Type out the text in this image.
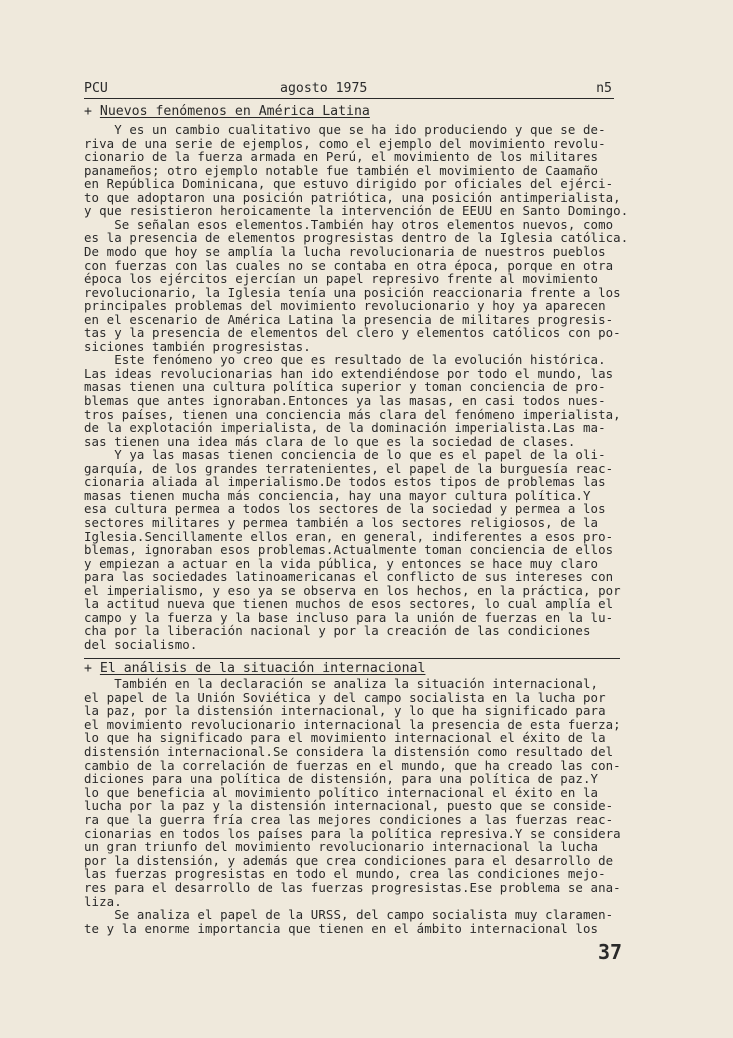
PCU	agosto 1975	n5
+ Nuevos fenómenos en América Latina
Y es un cambio cualitativo que se ha ido produciendo y que se de-
riva de una serie de ejemplos, como el ejemplo del movimiento revolu-
cionario de la fuerza armada en Perú, el movimiento de los militares
panameños; otro ejemplo notable fue también el movimiento de Caamaño
en República Dominicana, que estuvo dirigido por oficiales del ejérci-
to que adoptaron una posición patriótica, una posición antimperialista,
y que resistieron heroicamente la intervención de EEUU en Santo Domingo.
Se señalan esos elementos.También hay otros elementos nuevos, como
es la presencia de elementos progresistas dentro de la Iglesia católica.
De modo que hoy se amplía la lucha revolucionaria de nuestros pueblos
con fuerzas con las cuales no se contaba en otra época, porque en otra
época los ejércitos ejercían un papel represivo frente al movimiento
revolucionario, la Iglesia tenía una posición reaccionaria frente a los
principales problemas del movimiento revolucionario y hoy ya aparecen
en el escenario de América Latina la presencia de militares progresis-
tas y la presencia de elementos del clero y elementos católicos con po-
siciones también progresistas.
Este fenómeno yo creo que es resultado de la evolución histórica.
Las ideas revolucionarias han ido extendiéndose por todo el mundo, las
masas tienen una cultura política superior y toman conciencia de pro-
blemas que antes ignoraban.Entonces ya las masas, en casi todos nues-
tros países, tienen una conciencia más clara del fenómeno imperialista,
de la explotación imperialista, de la dominación imperialista.Las ma-
sas tienen una idea más clara de lo que es la sociedad de clases.
Y ya las masas tienen conciencia de lo que es el papel de la oli-
garquía, de los grandes terratenientes, el papel de la burguesía reac-
cionaria aliada al imperialismo.De todos estos tipos de problemas las
masas tienen mucha más conciencia, hay una mayor cultura política.Y
esa cultura permea a todos los sectores de la sociedad y permea a los
sectores militares y permea también a los sectores religiosos, de la
Iglesia.Sencillamente ellos eran, en general, indiferentes a esos pro-
blemas, ignoraban esos problemas.Actualmente toman conciencia de ellos
y empiezan a actuar en la vida pública, y entonces se hace muy claro
para las sociedades latinoamericanas el conflicto de sus intereses con
el imperialismo, y eso ya se observa en los hechos, en la práctica, por
la actitud nueva que tienen muchos de esos sectores, lo cual amplía el
campo y la fuerza y la base incluso para la unión de fuerzas en la lu-
cha por la liberación nacional y por la creación de las condiciones
del socialismo.
+ El análisis de la situación internacional
También en la declaración se analiza la situación internacional,
el papel de la Unión Soviética y del campo socialista en la lucha por
la paz, por la distensión internacional, y lo que ha significado para
el movimiento revolucionario internacional la presencia de esta fuerza;
lo que ha significado para el movimiento internacional el éxito de la
distensión internacional.Se considera la distensión como resultado del
cambio de la correlación de fuerzas en el mundo, que ha creado las con-
diciones para una política de distensión, para una política de paz.Y
lo que beneficia al movimiento político internacional el éxito en la
lucha por la paz y la distensión internacional, puesto que se conside-
ra que la guerra fría crea las mejores condiciones a las fuerzas reac-
cionarias en todos los países para la política represiva.Y se considera
un gran triunfo del movimiento revolucionario internacional la lucha
por la distensión, y además que crea condiciones para el desarrollo de
las fuerzas progresistas en todo el mundo, crea las condiciones mejo-
res para el desarrollo de las fuerzas progresistas.Ese problema se ana-
liza.
Se analiza el papel de la URSS, del campo socialista muy claramen-
te y la enorme importancia que tienen en el ámbito internacional los
37
